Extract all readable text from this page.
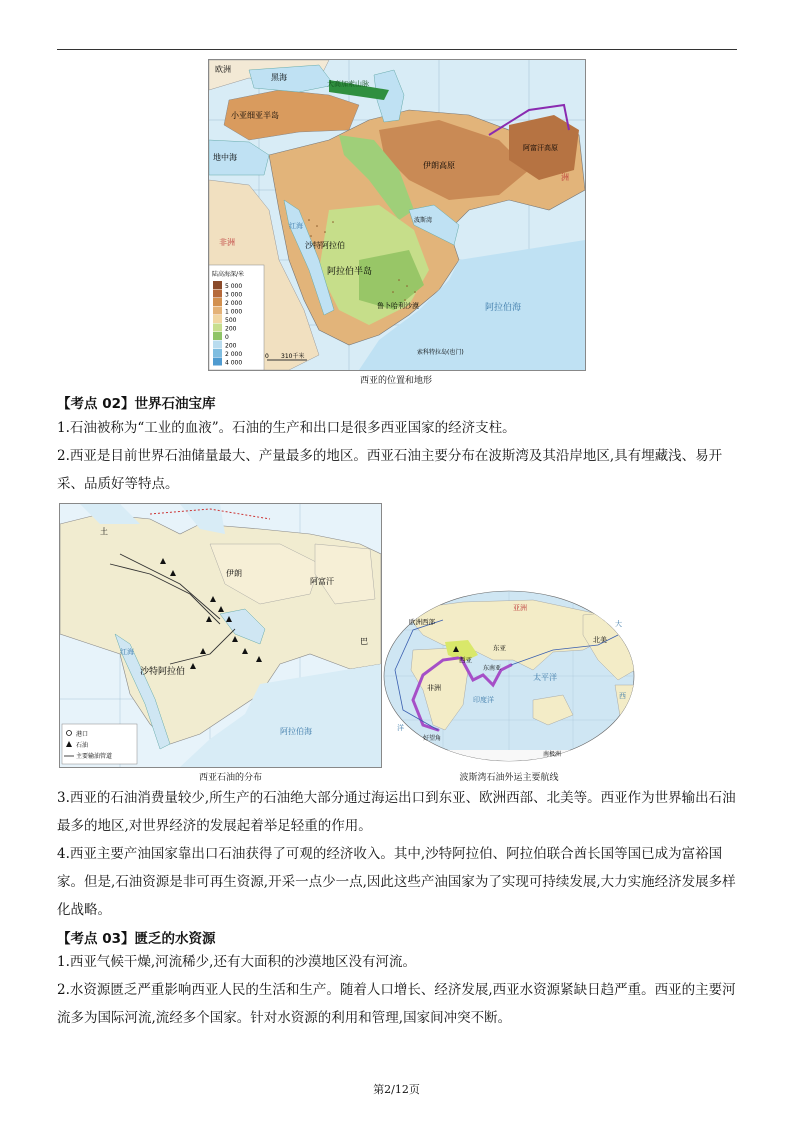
欧洲
黑海
大高加索山脉
小亚细亚半岛
地中海
伊朗高原
阿富汗高原
洲
沙特阿拉伯
阿拉伯半岛
鲁卜哈利沙漠
波斯湾
红海
非洲
阿拉伯海
索科特拉岛(也门)
陆高海深/米
5 000
3 000
2 000
1 000
500
200
0
200
2 000
4 000
0 310千米
西亚的位置和地形
【考点 02】世界石油宝库
1.石油被称为“工业的血液”。石油的生产和出口是很多西亚国家的经济支柱。
2.西亚是目前世界石油储量最大、产量最多的地区。西亚石油主要分布在波斯湾及其沿岸地区,具有埋藏浅、易开采、品质好等特点。
伊朗
阿富汗
沙特阿拉伯
红海
阿拉伯海
土
巴
港口
石油
主要输油管道
西亚石油的分布
欧洲西部
北美
西亚
东亚
东南亚
非洲
太平洋
印度洋
好望角
南极洲
亚洲
大
西
洋
波斯湾石油外运主要航线
3.西亚的石油消费量较少,所生产的石油绝大部分通过海运出口到东亚、欧洲西部、北美等。西亚作为世界输出石油最多的地区,对世界经济的发展起着举足轻重的作用。
4.西亚主要产油国家靠出口石油获得了可观的经济收入。其中,沙特阿拉伯、阿拉伯联合酋长国等国已成为富裕国家。但是,石油资源是非可再生资源,开采一点少一点,因此这些产油国家为了实现可持续发展,大力实施经济发展多样化战略。
【考点 03】匮乏的水资源
1.西亚气候干燥,河流稀少,还有大面积的沙漠地区没有河流。
2.水资源匮乏严重影响西亚人民的生活和生产。随着人口增长、经济发展,西亚水资源紧缺日趋严重。西亚的主要河流多为国际河流,流经多个国家。针对水资源的利用和管理,国家间冲突不断。
第2/12页
